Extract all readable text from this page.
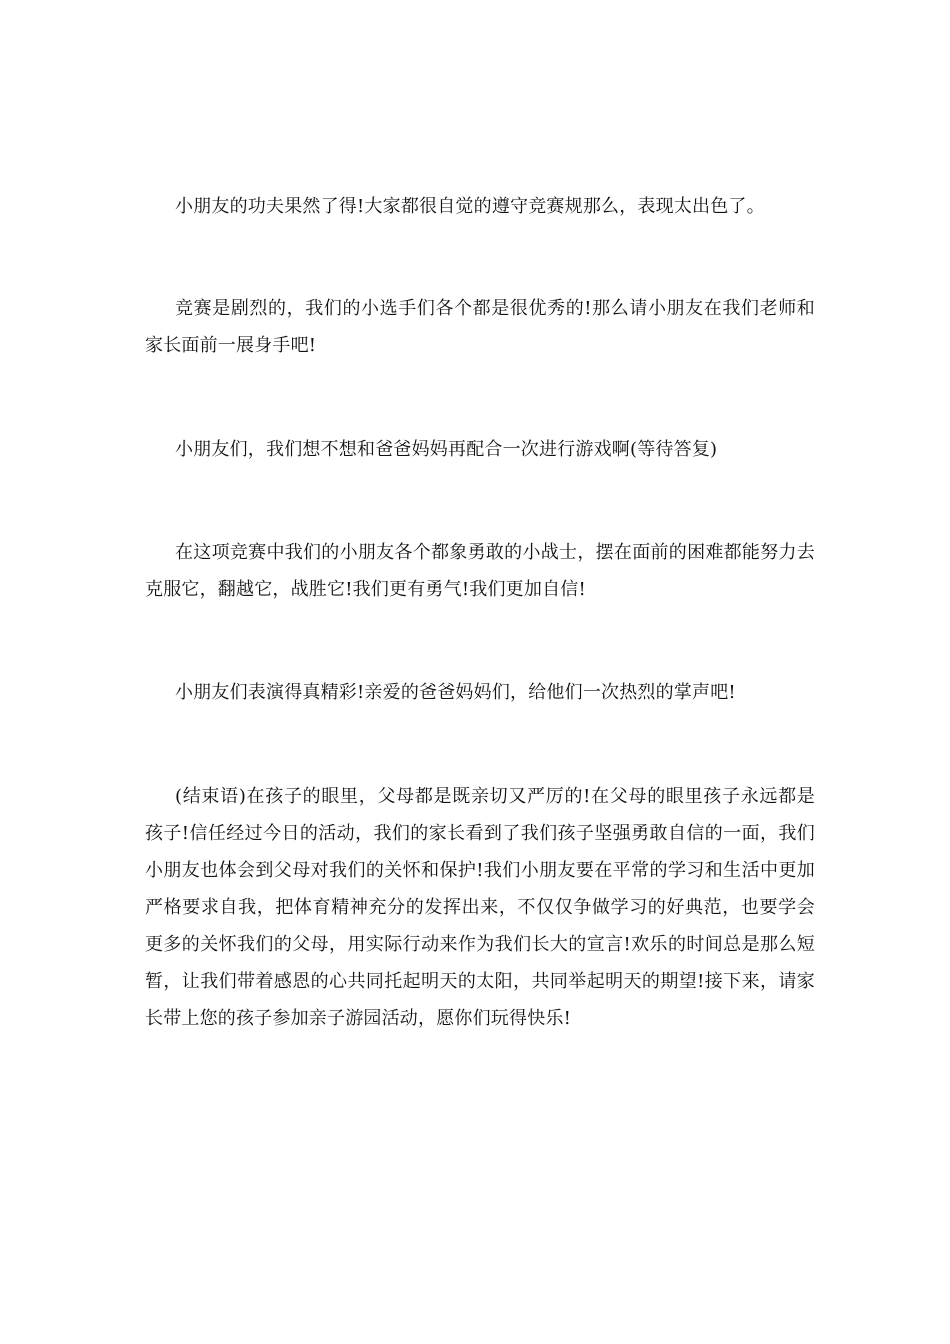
小朋友的功夫果然了得!大家都很自觉的遵守竞赛规那么，表现太出色了。

竞赛是剧烈的，我们的小选手们各个都是很优秀的!那么请小朋友在我们老师和家长面前一展身手吧!

小朋友们，我们想不想和爸爸妈妈再配合一次进行游戏啊(等待答复)

在这项竞赛中我们的小朋友各个都象勇敢的小战士，摆在面前的困难都能努力去克服它，翻越它，战胜它!我们更有勇气!我们更加自信!

小朋友们表演得真精彩!亲爱的爸爸妈妈们，给他们一次热烈的掌声吧!

(结束语)在孩子的眼里，父母都是既亲切又严厉的!在父母的眼里孩子永远都是孩子!信任经过今日的活动，我们的家长看到了我们孩子坚强勇敢自信的一面，我们小朋友也体会到父母对我们的关怀和保护!我们小朋友要在平常的学习和生活中更加严格要求自我，把体育精神充分的发挥出来，不仅仅争做学习的好典范，也要学会更多的关怀我们的父母，用实际行动来作为我们长大的宣言!欢乐的时间总是那么短暂，让我们带着感恩的心共同托起明天的太阳，共同举起明天的期望!接下来，请家长带上您的孩子参加亲子游园活动，愿你们玩得快乐!
